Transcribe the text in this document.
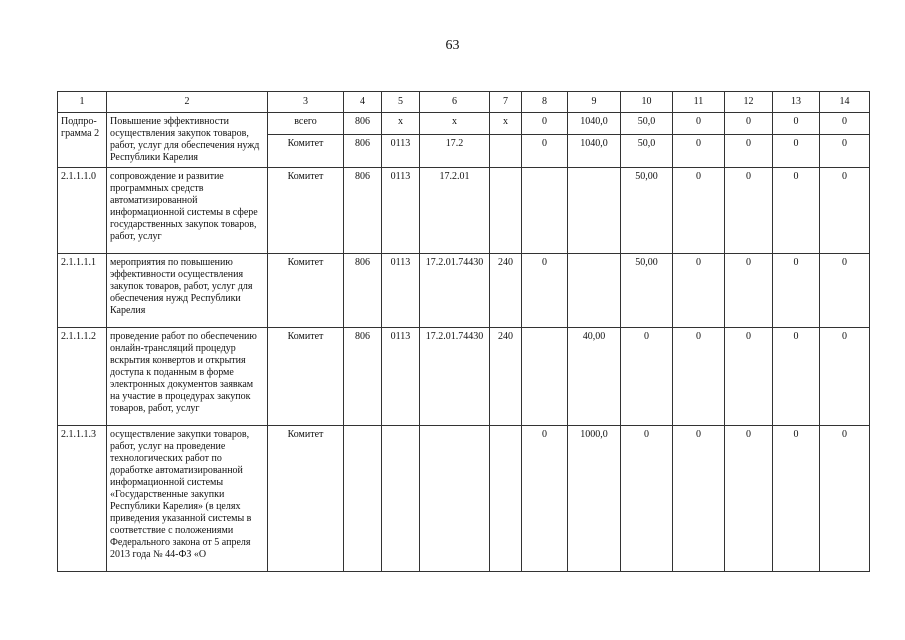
63
1	2	3	4	5	6	7	8	9	10	11	12	13	14
Подпро-грамма 2	Повышение эффективности осуществления закупок товаров, работ, услуг для обеспечения нужд Республики Карелия	всего	806	x	x	x	0	1040,0	50,0	0	0	0	0
		Комитет	806	0113	17.2		0	1040,0	50,0	0	0	0	0
2.1.1.1.0	сопровождение и развитие программных средств автоматизированной информационной системы в сфере государственных закупок товаров, работ, услуг	Комитет	806	0113	17.2.01				50,00	0	0	0	0
2.1.1.1.1	мероприятия по повышению эффективности осуществления закупок товаров, работ, услуг для обеспечения нужд Республики Карелия	Комитет	806	0113	17.2.01.74430	240	0		50,00	0	0	0	0
2.1.1.1.2	проведение работ по обеспечению онлайн-трансляций процедур вскрытия конвертов и открытия доступа к поданным в форме электронных документов заявкам на участие в процедурах закупок товаров, работ, услуг	Комитет	806	0113	17.2.01.74430	240		40,00	0	0	0	0	0
2.1.1.1.3	осуществление закупки товаров, работ, услуг на проведение технологических работ по доработке автоматизированной информационной системы «Государственные закупки Республики Карелия» (в целях приведения указанной системы в соответствие с положениями Федерального закона от 5 апреля 2013 года № 44-ФЗ «О	Комитет					0	1000,0	0	0	0	0	0
